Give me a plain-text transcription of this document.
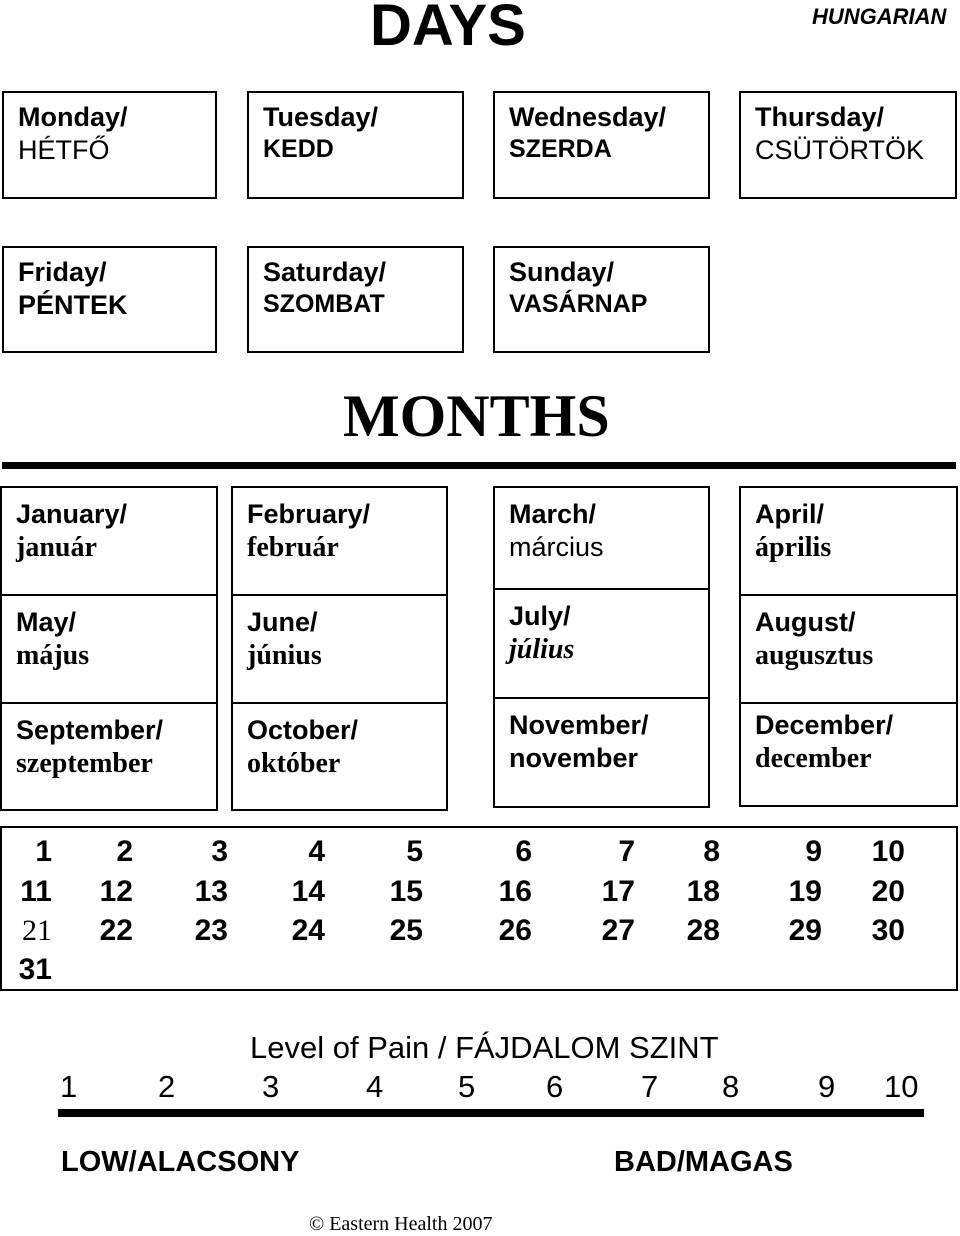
DAYS	HUNGARIAN
Monday/
HÉTFŐ
Tuesday/
KEDD
Wednesday/
SZERDA
Thursday/
CSÜTÖRTÖK
Friday/
PÉNTEK
Saturday/
SZOMBAT
Sunday/
VASÁRNAP
MONTHS
January/
január
February/
február
March/
március
April/
április
May/
május
June/
június
July/
július
August/
augusztus
September/
szeptember
October/
október
November/
november
December/
december
1	2	3	4	5	6	7	8	9	10
11	12	13	14	15	16	17	18	19	20
21	22	23	24	25	26	27	28	29	30
31
Level of Pain / FÁJDALOM SZINT
1	2	3	4 5 6	7 8	9 10
LOW/ALACSONY	BAD/MAGAS
© Eastern Health 2007
